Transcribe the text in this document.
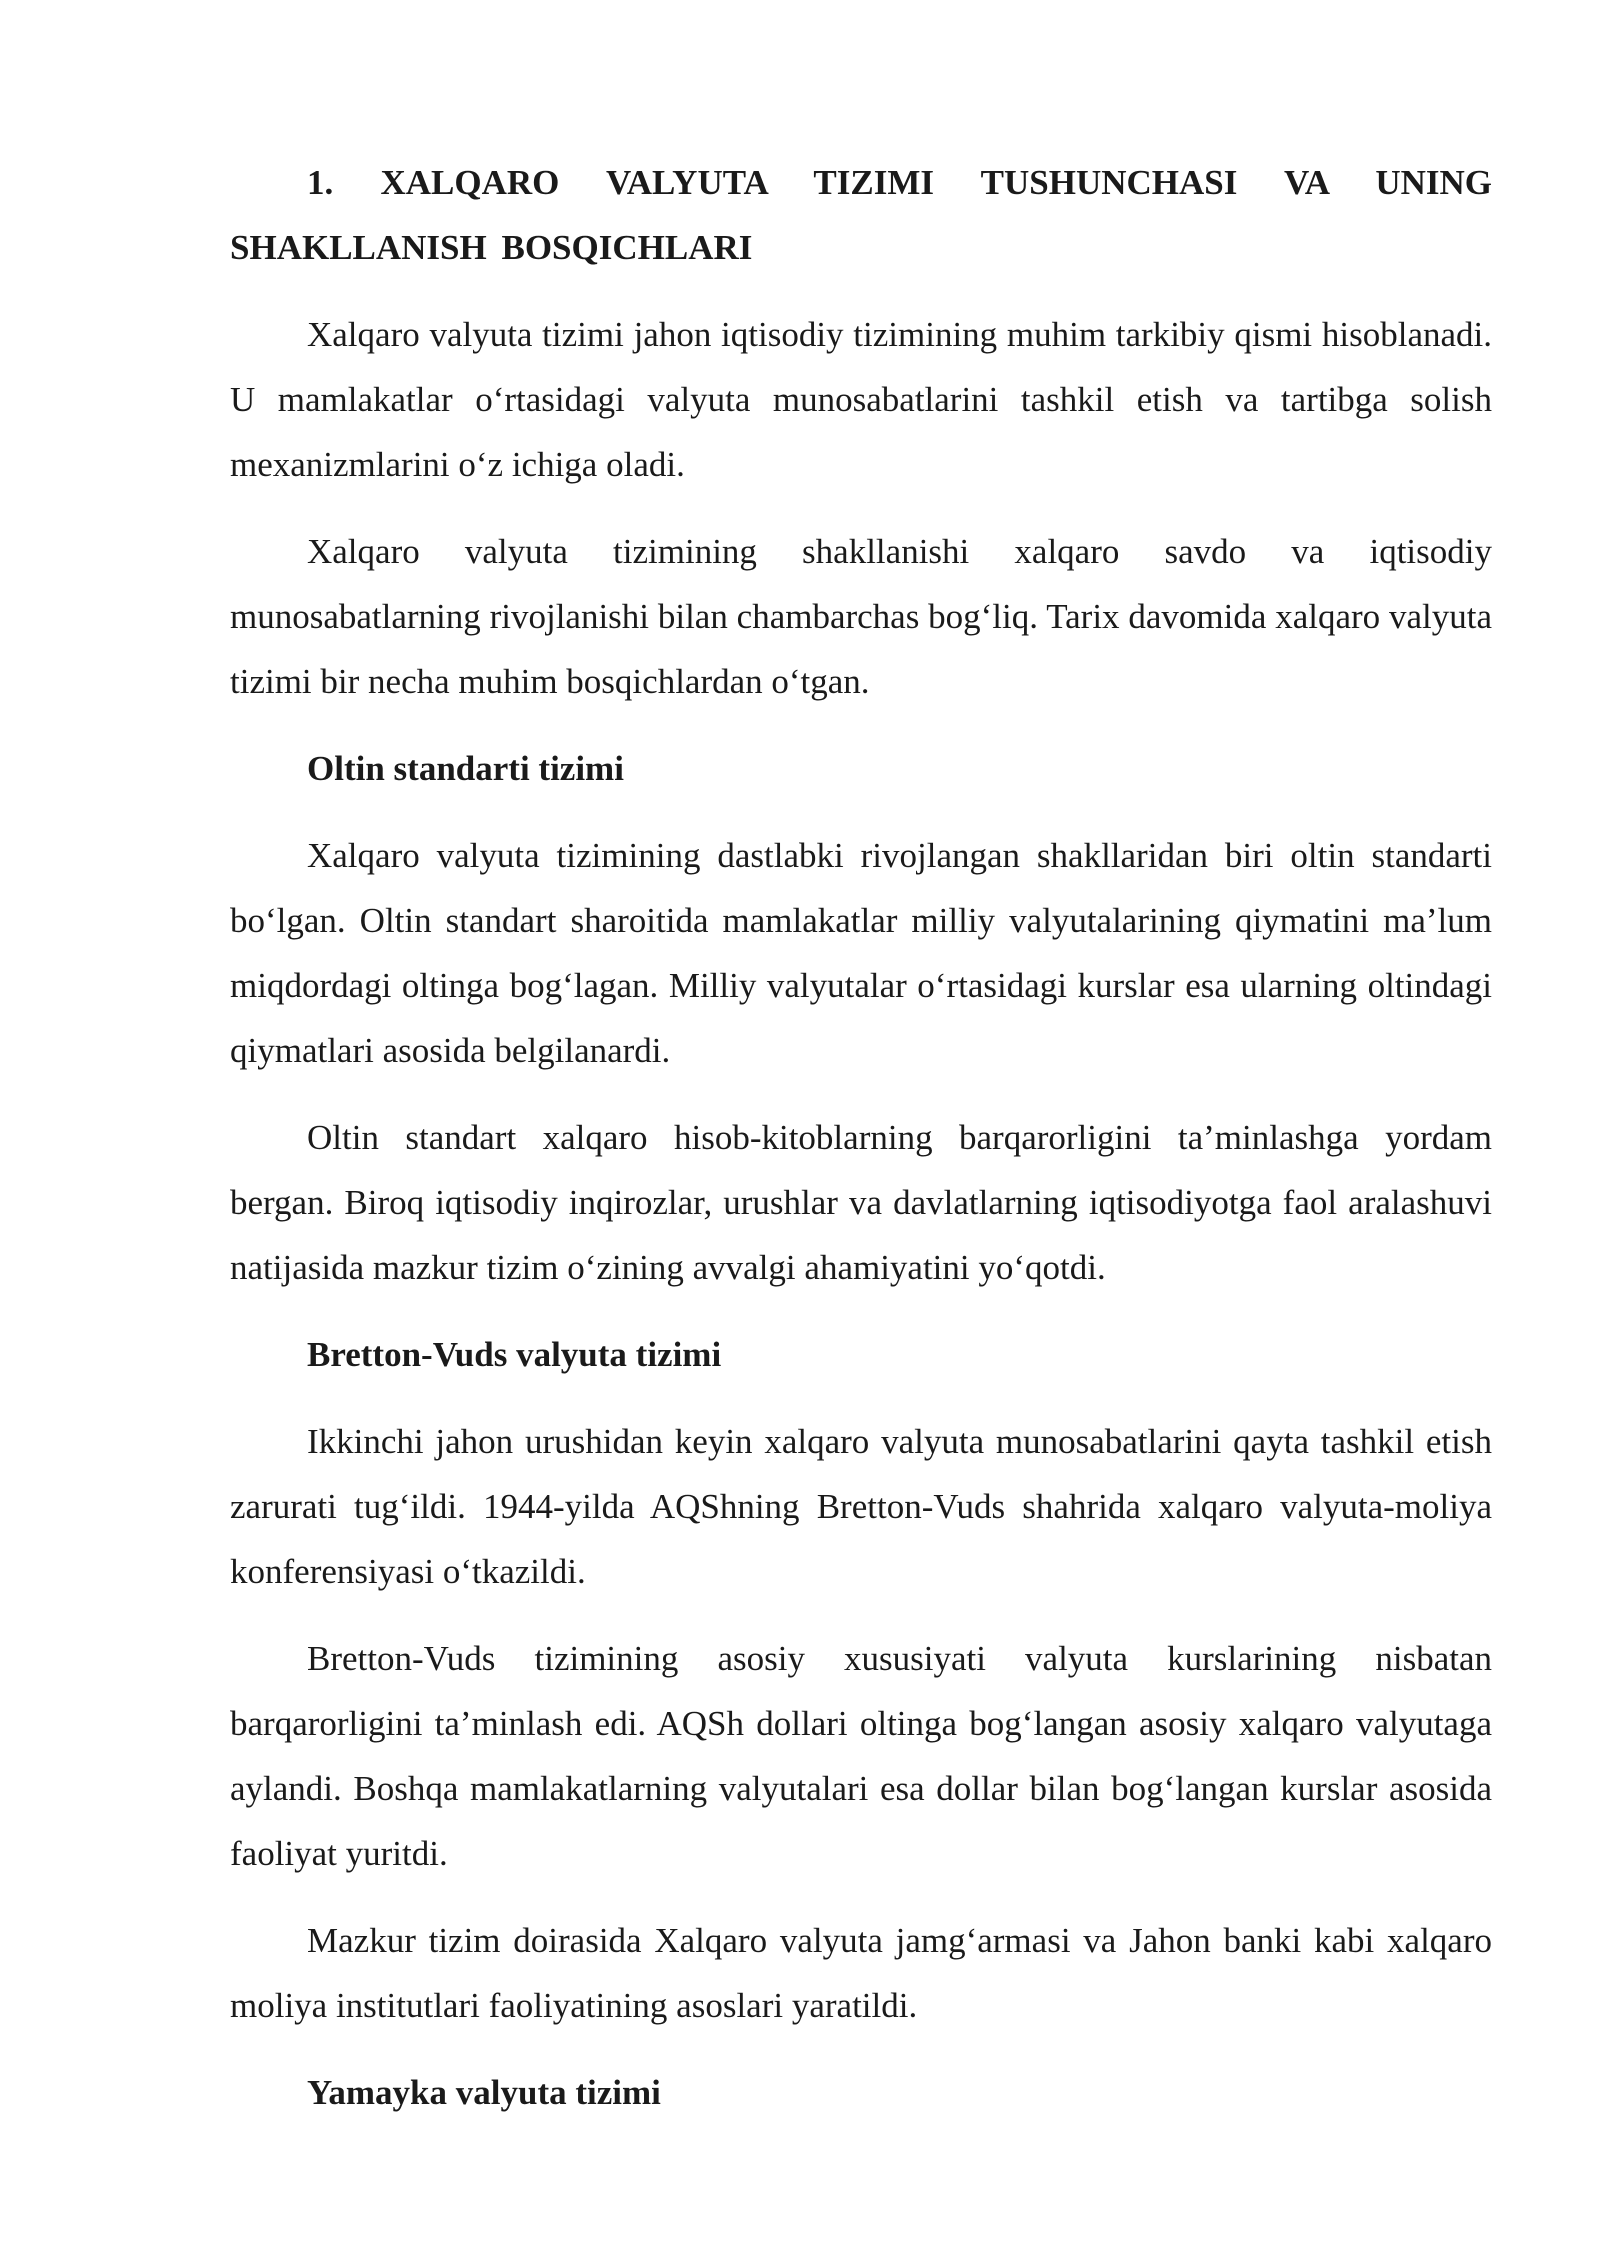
1. XALQARO VALYUTA TIZIMI TUSHUNCHASI VA UNING SHAKLLANISH BOSQICHLARI

Xalqaro valyuta tizimi jahon iqtisodiy tizimining muhim tarkibiy qismi hisoblanadi. U mamlakatlar o‘rtasidagi valyuta munosabatlarini tashkil etish va tartibga solish mexanizmlarini o‘z ichiga oladi.

Xalqaro valyuta tizimining shakllanishi xalqaro savdo va iqtisodiy munosabatlarning rivojlanishi bilan chambarchas bog‘liq. Tarix davomida xalqaro valyuta tizimi bir necha muhim bosqichlardan o‘tgan.

Oltin standarti tizimi

Xalqaro valyuta tizimining dastlabki rivojlangan shakllaridan biri oltin standarti bo‘lgan. Oltin standart sharoitida mamlakatlar milliy valyutalarining qiymatini ma’lum miqdordagi oltinga bog‘lagan. Milliy valyutalar o‘rtasidagi kurslar esa ularning oltindagi qiymatlari asosida belgilanardi.

Oltin standart xalqaro hisob-kitoblarning barqarorligini ta’minlashga yordam bergan. Biroq iqtisodiy inqirozlar, urushlar va davlatlarning iqtisodiyotga faol aralashuvi natijasida mazkur tizim o‘zining avvalgi ahamiyatini yo‘qotdi.

Bretton-Vuds valyuta tizimi

Ikkinchi jahon urushidan keyin xalqaro valyuta munosabatlarini qayta tashkil etish zarurati tug‘ildi. 1944-yilda AQShning Bretton-Vuds shahrida xalqaro valyuta-moliya konferensiyasi o‘tkazildi.

Bretton-Vuds tizimining asosiy xususiyati valyuta kurslarining nisbatan barqarorligini ta’minlash edi. AQSh dollari oltinga bog‘langan asosiy xalqaro valyutaga aylandi. Boshqa mamlakatlarning valyutalari esa dollar bilan bog‘langan kurslar asosida faoliyat yuritdi.

Mazkur tizim doirasida Xalqaro valyuta jamg‘armasi va Jahon banki kabi xalqaro moliya institutlari faoliyatining asoslari yaratildi.

Yamayka valyuta tizimi
